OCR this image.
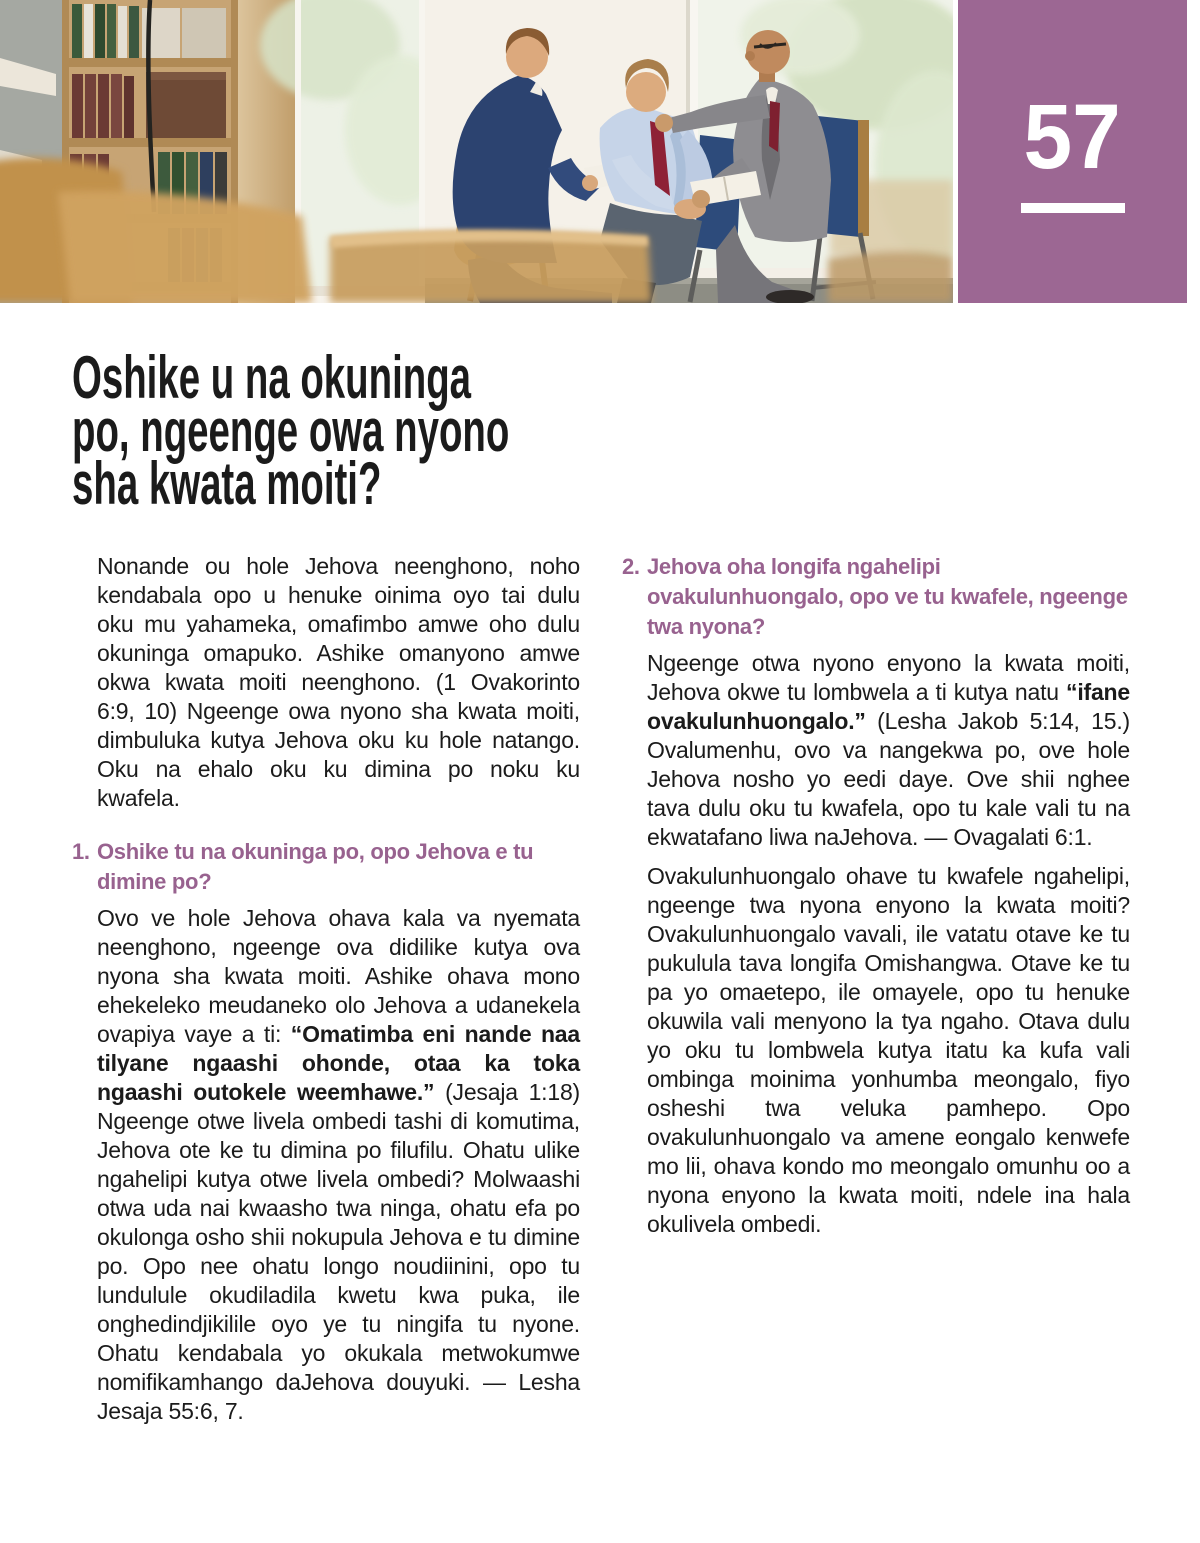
57
Oshike u na okuninga
po, ngeenge owa nyono
sha kwata moiti?

Nonande ou hole Jehova neenghono, noho kendabala opo u henuke oinima oyo tai dulu oku mu yahameka, omafimbo amwe oho dulu okuninga omapuko. Ashike omanyono amwe okwa kwata moiti neenghono. (1 Ovakorinto 6:9, 10) Ngeenge owa nyono sha kwata moiti, dimbuluka kutya Jehova oku ku hole natango. Oku na ehalo oku ku dimina po noku ku kwafela.

1. Oshike tu na okuninga po, opo Jehova e tu dimine po?

Ovo ve hole Jehova ohava kala va nyemata neenghono, ngeenge ova didilike kutya ova nyona sha kwata moiti. Ashike ohava mono ehekeleko meudaneko olo Jehova a udanekela ovapiya vaye a ti: “Omatimba eni nande naa tilyane ngaashi ohonde, otaa ka toka ngaashi outokele weemhawe.” (Jesaja 1:18) Ngeenge otwe livela ombedi tashi di komutima, Jehova ote ke tu dimina po filufilu. Ohatu ulike ngahelipi kutya otwe livela ombedi? Molwaashi otwa uda nai kwaasho twa ninga, ohatu efa po okulonga osho shii nokupula Jehova e tu dimine po. Opo nee ohatu longo noudiinini, opo tu lundulule okudiladila kwetu kwa puka, ile onghedindjikilile oyo ye tu ningifa tu nyone. Ohatu kendabala yo okukala metwokumwe nomifikamhango daJehova douyuki. — Lesha Jesaja 55:6, 7.

2. Jehova oha longifa ngahelipi ovakulunhuongalo, opo ve tu kwafele, ngeenge twa nyona?

Ngeenge otwa nyono enyono la kwata moiti, Jehova okwe tu lombwela a ti kutya natu “ifane ovakulunhuongalo.” (Lesha Jakob 5:14, 15.) Ovalumenhu, ovo va nangekwa po, ove hole Jehova nosho yo eedi daye. Ove shii nghee tava dulu oku tu kwafela, opo tu kale vali tu na ekwatafano liwa naJehova. — Ovagalati 6:1.

Ovakulunhuongalo ohave tu kwafele ngahelipi, ngeenge twa nyona enyono la kwata moiti? Ovakulunhuongalo vavali, ile vatatu otave ke tu pukulula tava longifa Omishangwa. Otave ke tu pa yo omaetepo, ile omayele, opo tu henuke okuwila vali menyono la tya ngaho. Otava dulu yo oku tu lombwela kutya itatu ka kufa vali ombinga moinima yonhumba meongalo, fiyo osheshi twa veluka pamhepo. Opo ovakulunhuongalo va amene eongalo kenwefe mo lii, ohava kondo mo meongalo omunhu oo a nyona enyono la kwata moiti, ndele ina hala okulivela ombedi.
